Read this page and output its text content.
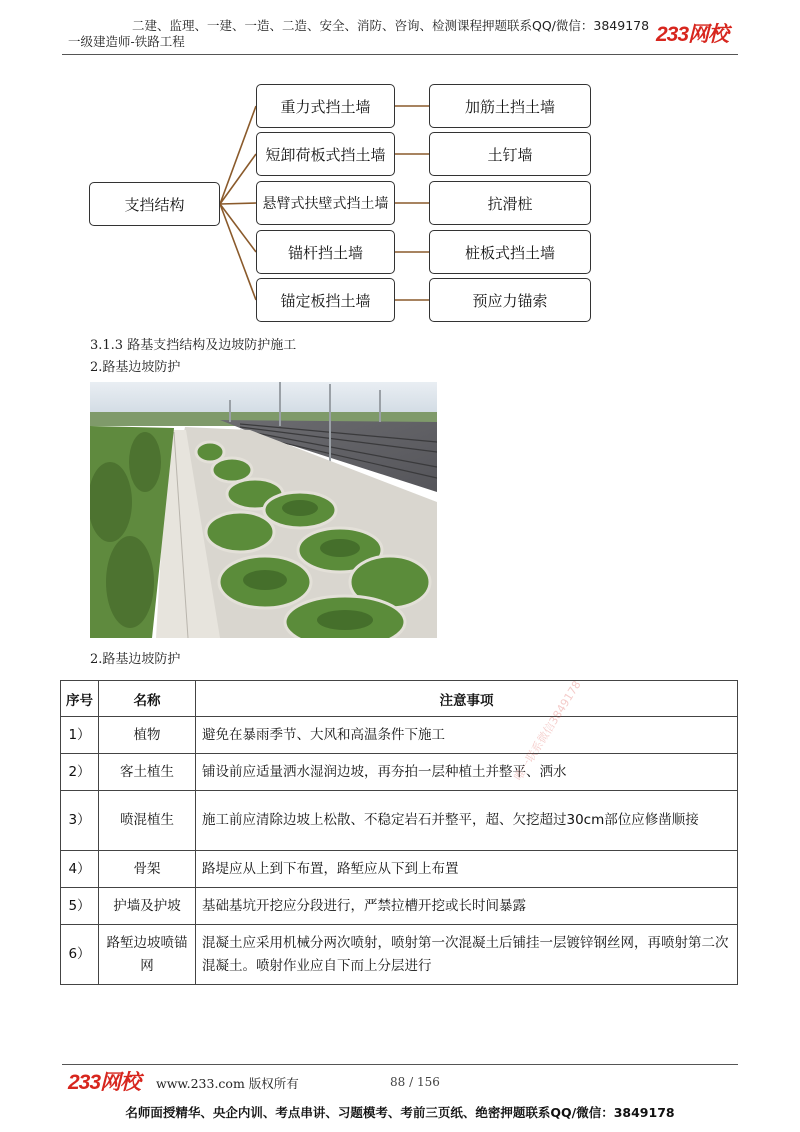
二建、监理、一建、一造、二造、安全、消防、咨询、检测课程押题联系QQ/微信：3849178
一级建造师-铁路工程	233网校
支挡结构
重力式挡土墙
短卸荷板式挡土墙
悬臂式扶壁式挡土墙
锚杆挡土墙
锚定板挡土墙
加筋土挡土墙
土钉墙
抗滑桩
桩板式挡土墙
预应力锚索
3.1.3 路基支挡结构及边坡防护施工
2.路基边坡防护
2.路基边坡防护
序号	名称	注意事项
1）	植物	避免在暴雨季节、大风和高温条件下施工
2）	客土植生	铺设前应适量洒水湿润边坡，再夯拍一层种植土并整平、洒水
3）	喷混植生	施工前应清除边坡上松散、不稳定岩石并整平，超、欠挖超过30cm部位应修凿顺接
4）	骨架	路堤应从上到下布置，路堑应从下到上布置
5）	护墙及护坡	基础基坑开挖应分段进行，严禁拉槽开挖或长时间暴露
6）	路堑边坡喷锚网	混凝土应采用机械分两次喷射，喷射第一次混凝土后铺挂一层镀锌钢丝网，再喷射第二次混凝土。喷射作业应自下而上分层进行
唯一联系微信3849178
233网校 www.233.com 版权所有	88 / 156
名师面授精华、央企内训、考点串讲、习题模考、考前三页纸、绝密押题联系QQ/微信：3849178
